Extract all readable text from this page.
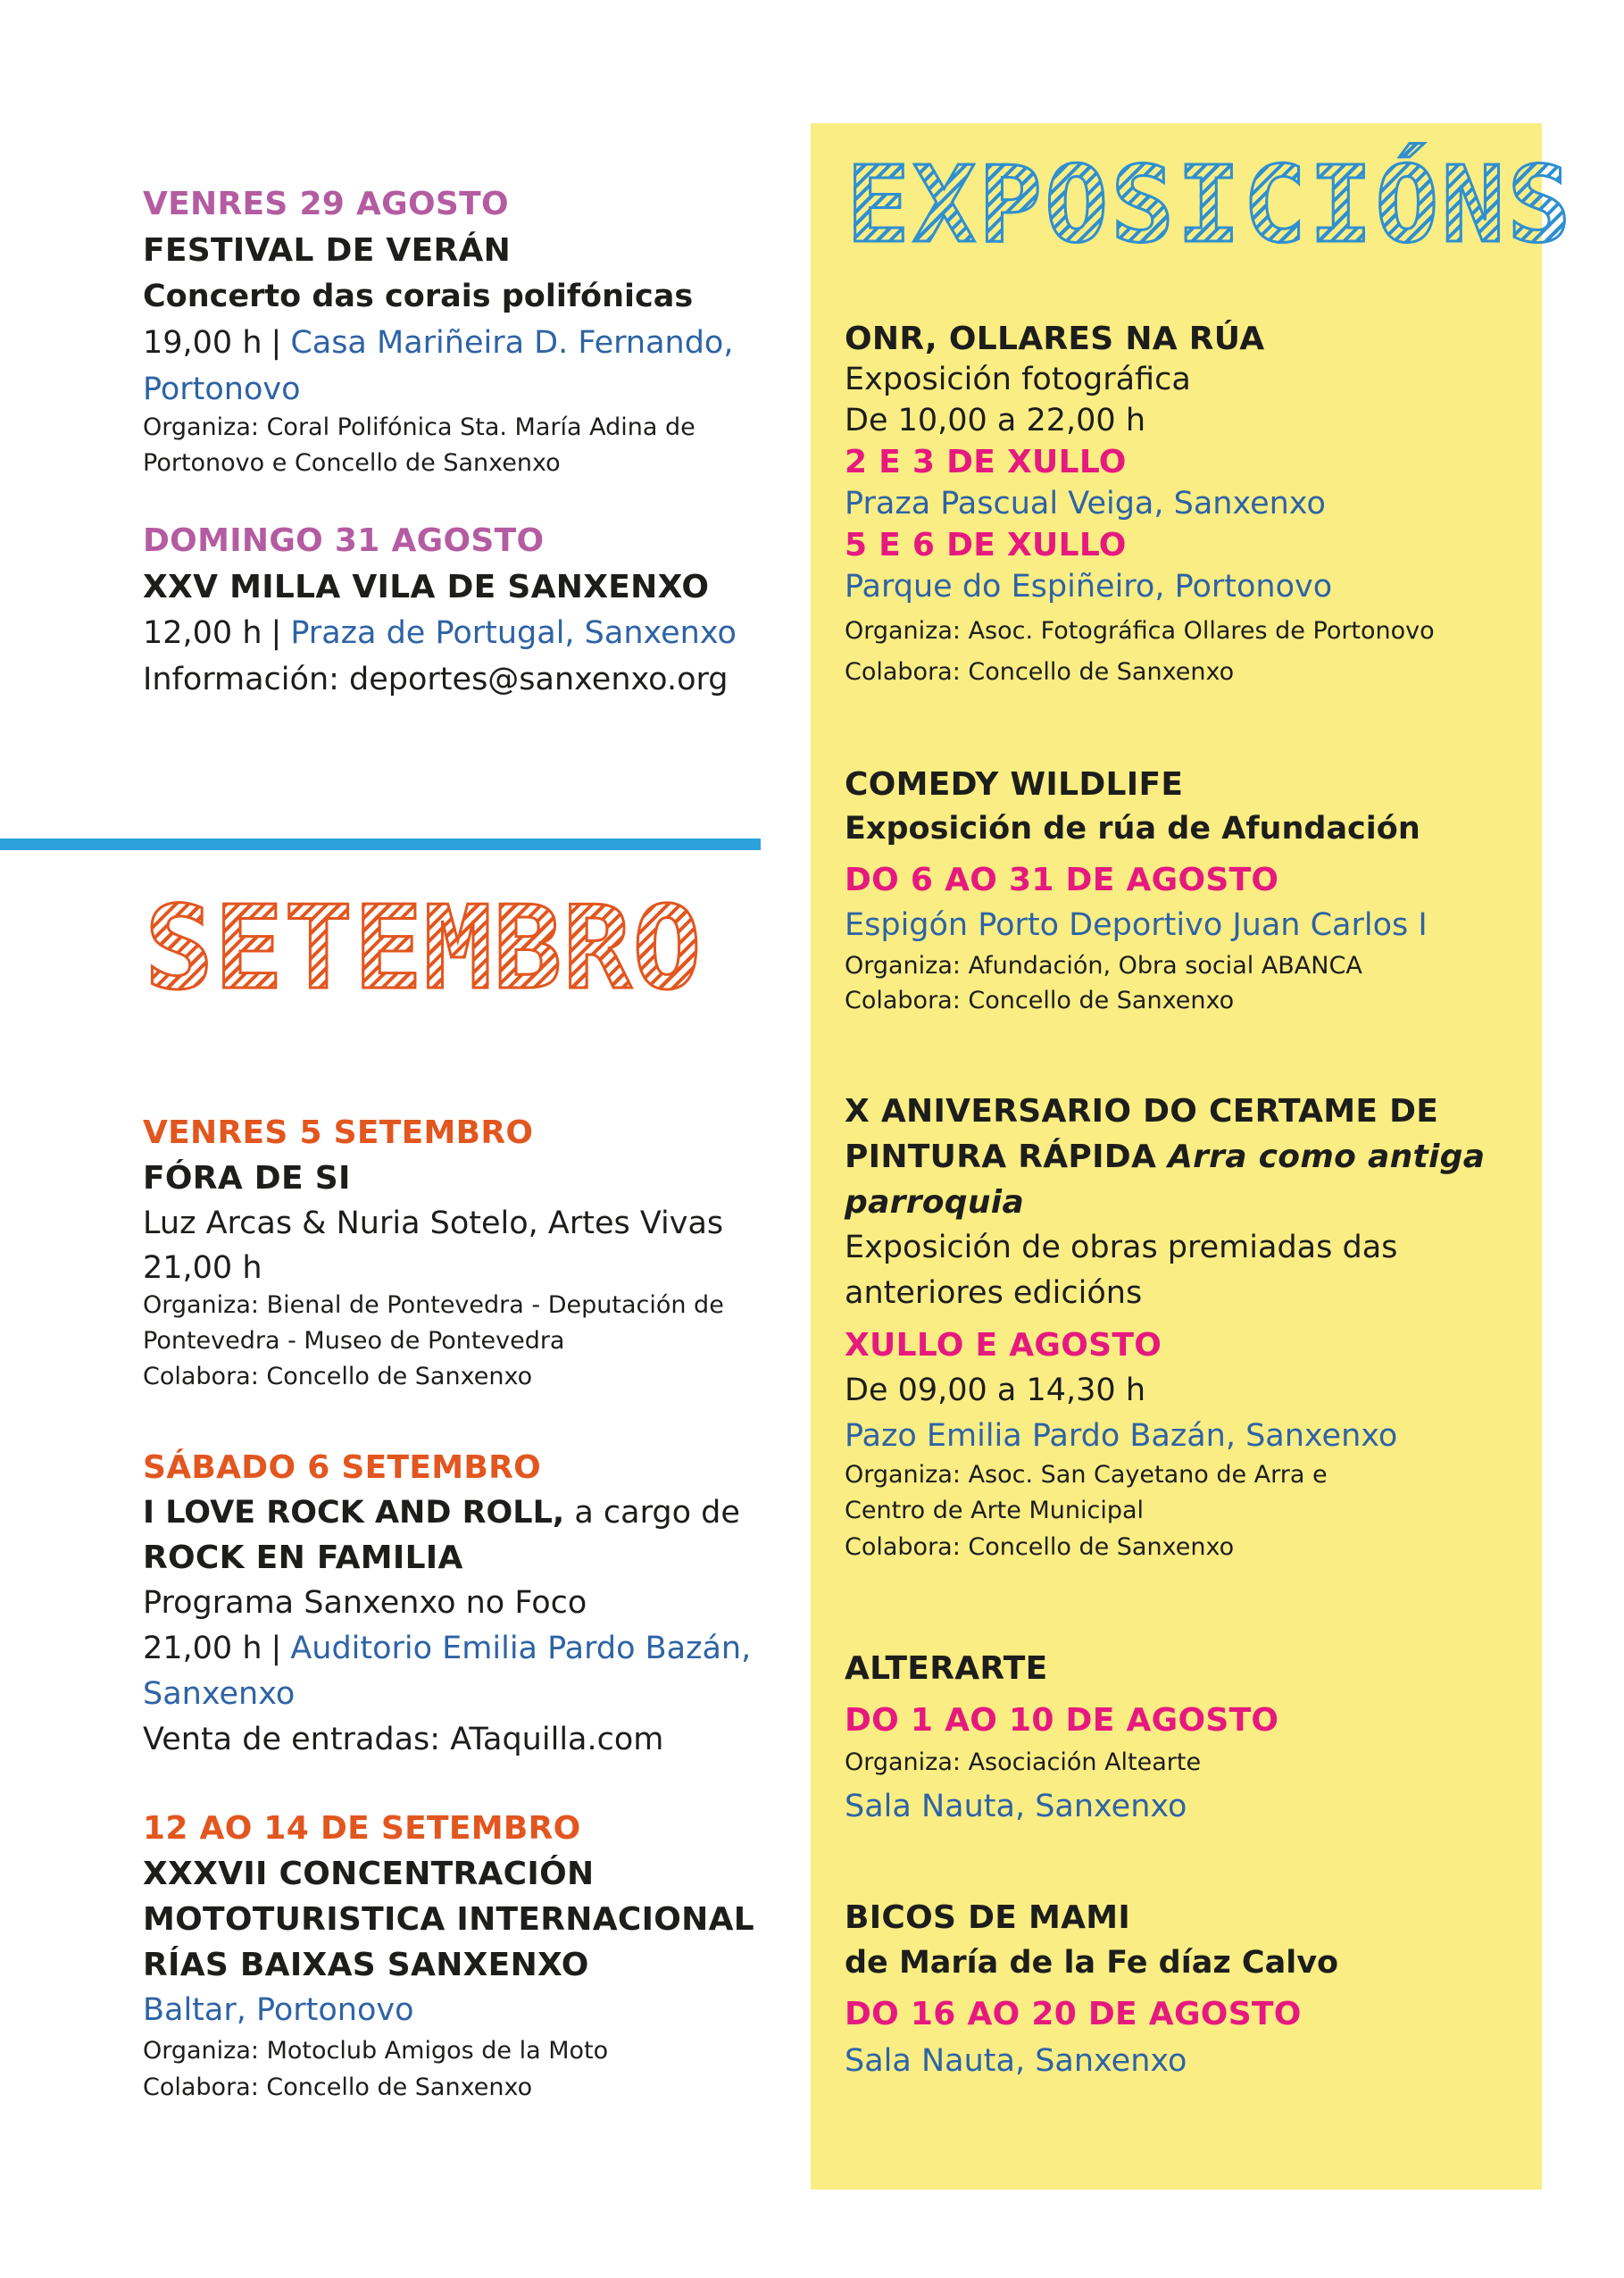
VENRES 29 AGOSTO
FESTIVAL DE VERÁN
Concerto das corais polifónicas
19,00 h | Casa Mariñeira D. Fernando,
Portonovo
Organiza: Coral Polifónica Sta. María Adina de
Portonovo e Concello de Sanxenxo
DOMINGO 31 AGOSTO
XXV MILLA VILA DE SANXENXO
12,00 h | Praza de Portugal, Sanxenxo
Información: deportes@sanxenxo.org
SETEMBRO
VENRES 5 SETEMBRO
FÓRA DE SI
Luz Arcas & Nuria Sotelo, Artes Vivas
21,00 h
Organiza: Bienal de Pontevedra - Deputación de
Pontevedra - Museo de Pontevedra
Colabora: Concello de Sanxenxo
SÁBADO 6 SETEMBRO
I LOVE ROCK AND ROLL, a cargo de
ROCK EN FAMILIA
Programa Sanxenxo no Foco
21,00 h | Auditorio Emilia Pardo Bazán,
Sanxenxo
Venta de entradas: ATaquilla.com
12 AO 14 DE SETEMBRO
XXXVII CONCENTRACIÓN
MOTOTURISTICA INTERNACIONAL
RÍAS BAIXAS SANXENXO
Baltar, Portonovo
Organiza: Motoclub Amigos de la Moto
Colabora: Concello de Sanxenxo
EXPOSICIÓNS
ONR, OLLARES NA RÚA
Exposición fotográfica
De 10,00 a 22,00 h
2 E 3 DE XULLO
Praza Pascual Veiga, Sanxenxo
5 E 6 DE XULLO
Parque do Espiñeiro, Portonovo
Organiza: Asoc. Fotográfica Ollares de Portonovo
Colabora: Concello de Sanxenxo
COMEDY WILDLIFE
Exposición de rúa de Afundación
DO 6 AO 31 DE AGOSTO
Espigón Porto Deportivo Juan Carlos I
Organiza: Afundación, Obra social ABANCA
Colabora: Concello de Sanxenxo
X ANIVERSARIO DO CERTAME DE
PINTURA RÁPIDA Arra como antiga
parroquia
Exposición de obras premiadas das
anteriores edicións
XULLO E AGOSTO
De 09,00 a 14,30 h
Pazo Emilia Pardo Bazán, Sanxenxo
Organiza: Asoc. San Cayetano de Arra e
Centro de Arte Municipal
Colabora: Concello de Sanxenxo
ALTERARTE
DO 1 AO 10 DE AGOSTO
Organiza: Asociación Altearte
Sala Nauta, Sanxenxo
BICOS DE MAMI
de María de la Fe díaz Calvo
DO 16 AO 20 DE AGOSTO
Sala Nauta, Sanxenxo
